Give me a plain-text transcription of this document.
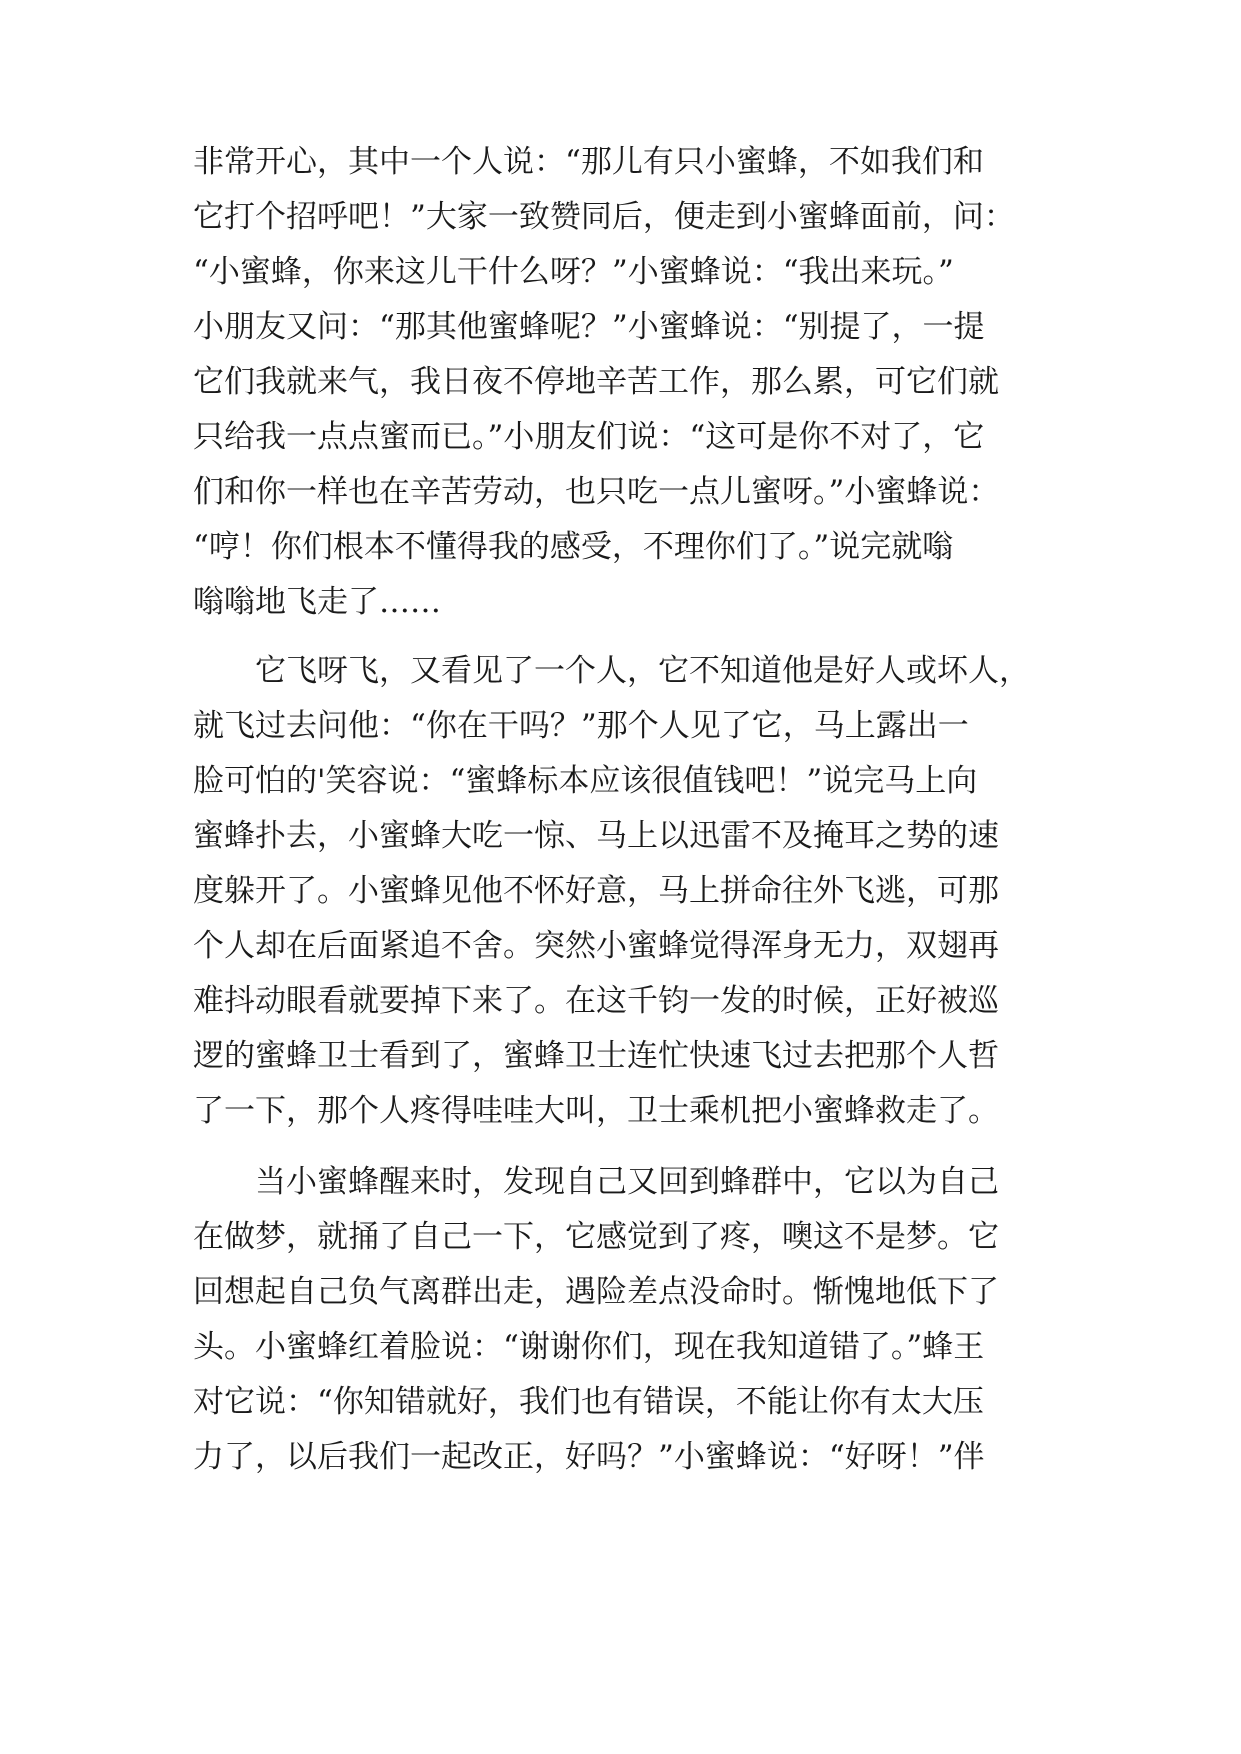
非常开心，其中一个人说：“那儿有只小蜜蜂，不如我们和
它打个招呼吧！”大家一致赞同后，便走到小蜜蜂面前，问：
“小蜜蜂，你来这儿干什么呀？”小蜜蜂说：“我出来玩。”
小朋友又问：“那其他蜜蜂呢？”小蜜蜂说：“别提了，一提
它们我就来气，我日夜不停地辛苦工作，那么累，可它们就
只给我一点点蜜而已。”小朋友们说：“这可是你不对了，它
们和你一样也在辛苦劳动，也只吃一点儿蜜呀。”小蜜蜂说：
“哼！你们根本不懂得我的感受，不理你们了。”说完就嗡
嗡嗡地飞走了……
它飞呀飞，又看见了一个人，它不知道他是好人或坏人，
就飞过去问他：“你在干吗？”那个人见了它，马上露出一
脸可怕的'笑容说：“蜜蜂标本应该很值钱吧！”说完马上向
蜜蜂扑去，小蜜蜂大吃一惊、马上以迅雷不及掩耳之势的速
度躲开了。小蜜蜂见他不怀好意，马上拼命往外飞逃，可那
个人却在后面紧追不舍。突然小蜜蜂觉得浑身无力，双翅再
难抖动眼看就要掉下来了。在这千钧一发的时候，正好被巡
逻的蜜蜂卫士看到了，蜜蜂卫士连忙快速飞过去把那个人哲
了一下，那个人疼得哇哇大叫，卫士乘机把小蜜蜂救走了。
当小蜜蜂醒来时，发现自己又回到蜂群中，它以为自己
在做梦，就捅了自己一下，它感觉到了疼，噢这不是梦。它
回想起自己负气离群出走，遇险差点没命时。惭愧地低下了
头。小蜜蜂红着脸说：“谢谢你们，现在我知道错了。”蜂王
对它说：“你知错就好，我们也有错误，不能让你有太大压
力了，以后我们一起改正，好吗？”小蜜蜂说：“好呀！”伴
